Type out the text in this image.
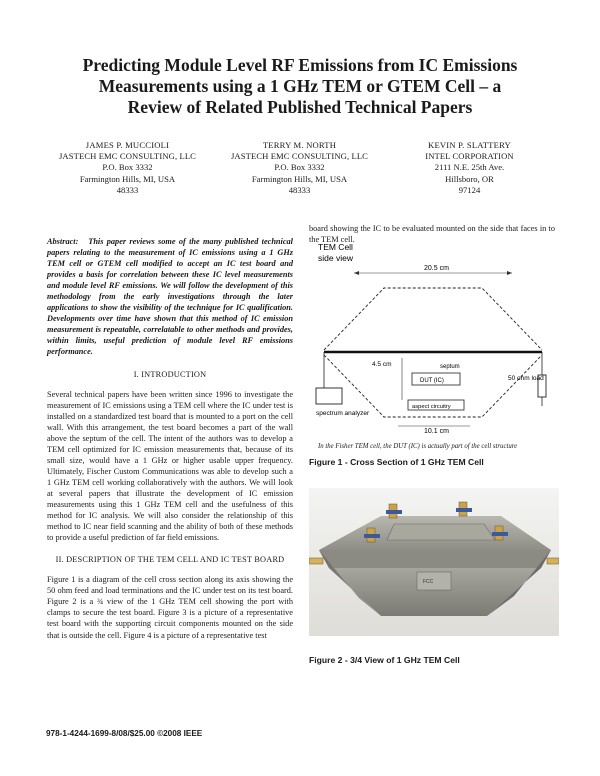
Predicting Module Level RF Emissions from IC Emissions
Measurements using a 1 GHz TEM or GTEM Cell – a
Review of Related Published Technical Papers
JAMES P. MUCCIOLI
JASTECH EMC CONSULTING, LLC
P.O. Box 3332
Farmington Hills, MI, USA
48333
TERRY M. NORTH
JASTECH EMC CONSULTING, LLC
P.O. Box 3332
Farmington Hills, MI, USA
48333
KEVIN P. SLATTERY
INTEL CORPORATION
2111 N.E. 25th Ave.
Hillsboro, OR
97124

Abstract: This paper reviews some of the many published technical papers relating to the measurement of IC emissions using a 1 GHz TEM cell or GTEM cell modified to accept an IC test board and provides a basis for correlation between these IC level measurements and module level RF emissions. We will follow the development of this methodology from the early investigations through the later applications to show the visibility of the technique for IC qualification. Developments over time have shown that this method of IC emission measurement is repeatable, correlatable to other methods and provides, within limits, useful prediction of module level RF emissions performance.

I. INTRODUCTION

Several technical papers have been written since 1996 to investigate the measurement of IC emissions using a TEM cell where the IC under test is installed on a standardized test board that is mounted to a port on the cell wall. With this arrangement, the test board becomes a part of the wall above the septum of the cell. The intent of the authors was to develop a TEM cell optimized for IC emission measurements that, because of its small size, would have a 1 GHz or higher usable upper frequency. Ultimately, Fischer Custom Communications was able to develop such a 1 GHz TEM cell working collaboratively with the authors. We will look at several papers that illustrate the development of IC emission measurements using this 1 GHz TEM cell and the usefulness of this method for IC analysis. We will also consider the relationship of this method to IC near field scanning and the ability of both of these methods to provide a useful prediction of far field emissions.

II. DESCRIPTION OF THE TEM CELL AND IC TEST BOARD

Figure 1 is a diagram of the cell cross section along its axis showing the 50 ohm feed and load terminations and the IC under test on its test board. Figure 2 is a ¾ view of the 1 GHz TEM cell showing the port with clamps to secure the test board. Figure 3 is a picture of a representative test board with the supporting circuit components mounted on the side that is outside the cell. Figure 4 is a picture of a representative test

board showing the IC to be evaluated mounted on the side that faces in to the TEM cell.

TEM Cell
side view
20.5 cm
septum
4.5 cm
DUT (IC)
aspect circuitry
10.1 cm
spectrum analyzer
50 ohm load
In the Fisher TEM cell, the DUT (IC) is actually part of the cell structure
Figure 1 - Cross Section of 1 GHz TEM Cell
FCC
Figure 2 - 3/4 View of 1 GHz TEM Cell
978-1-4244-1699-8/08/$25.00 ©2008 IEEE
